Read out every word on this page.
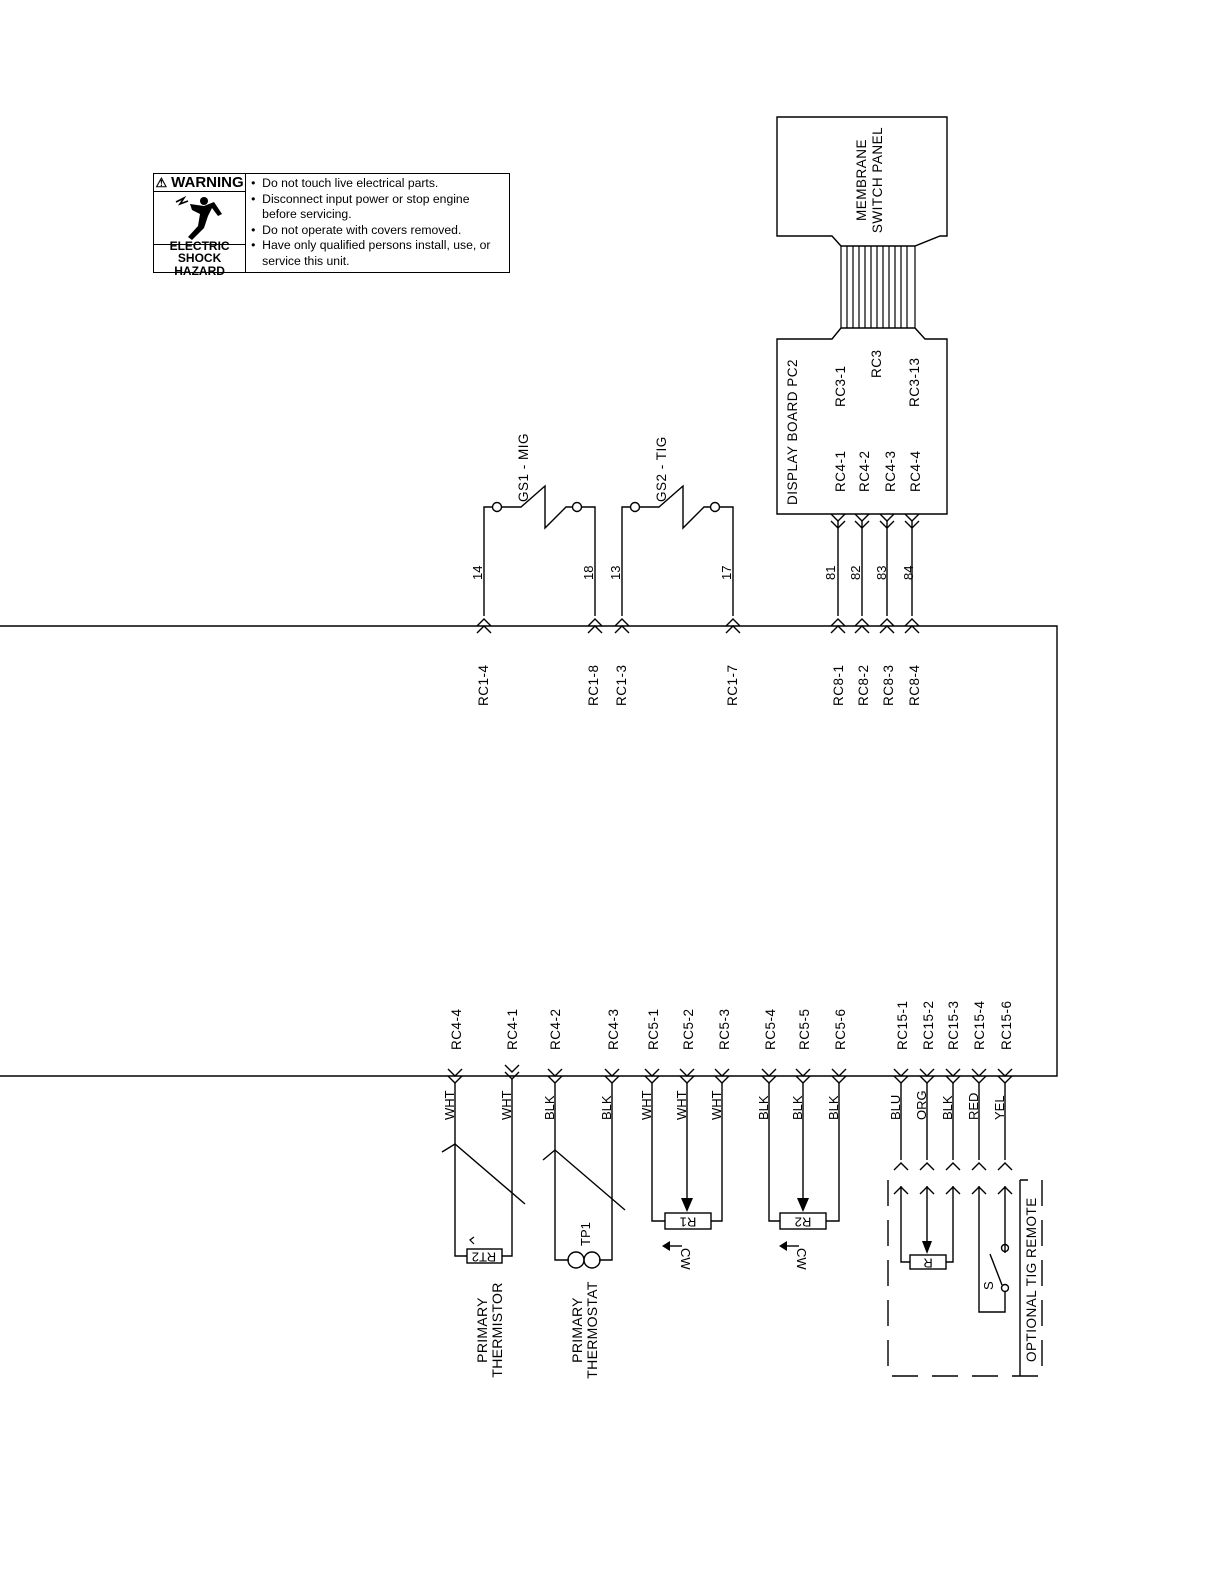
⚠ WARNING
ELECTRIC
SHOCK HAZARD
• Do not touch live electrical parts.
• Disconnect input power or stop engine before servicing.
• Do not operate with covers removed.
• Have only qualified persons install, use, or service this unit.
MEMBRANE SWITCH PANEL
DISPLAY BOARD PC2 RC3-1
RC3 RC3-13
RC4-1 RC4-2 RC4-3 RC4-4
81 82 83 84
RC8-1 RC8-2 RC8-3 RC8-4
GS1 - MIG
14	18
RC1-4	RC1-8
GS2 - TIG
13	17
RC1-3	RC1-7
RC4-4	RC4-1 RC4-2	RC4-3 RC5-1 RC5-2 RC5-3 RC5-4 RC5-5 RC5-6	RC15-1 RC15-2 RC15-3 RC15-4 RC15-6
WHT	WHT BLK	BLK WHT WHT WHT BLK BLK BLK	BLU ORG BLK RED YEL
RT2
PRIMARY THERMISTOR
TP1
PRIMARY THERMOSTAT
R1
CW
R2
CW	R
S OPTIONAL TIG REMOTE
